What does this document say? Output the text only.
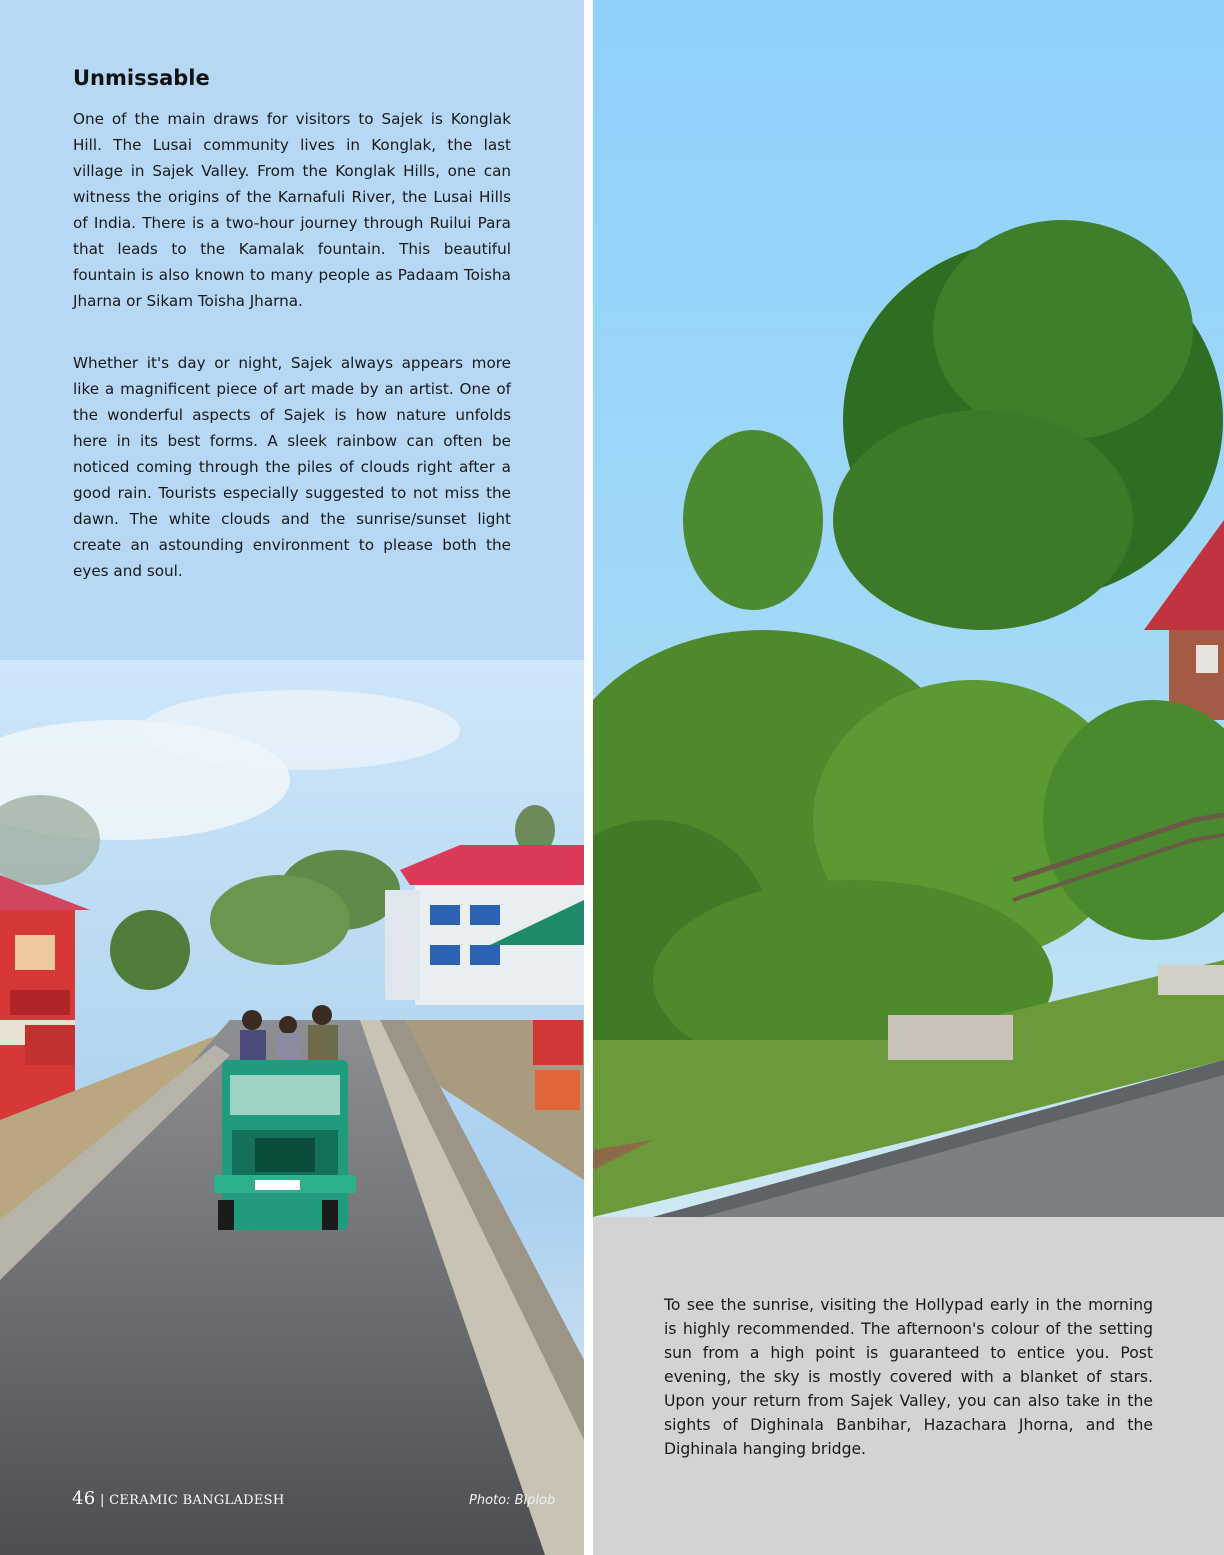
Unmissable

One of the main draws for visitors to Sajek is Konglak Hill. The Lusai community lives in Konglak, the last village in Sajek Valley. From the Konglak Hills, one can witness the origins of the Karnafuli River, the Lusai Hills of India. There is a two-hour journey through Ruilui Para that leads to the Kamalak fountain. This beautiful fountain is also known to many people as Padaam Toisha Jharna or Sikam Toisha Jharna.

Whether it's day or night, Sajek always appears more like a magnificent piece of art made by an artist. One of the wonderful aspects of Sajek is how nature unfolds here in its best forms. A sleek rainbow can often be noticed coming through the piles of clouds right after a good rain. Tourists especially suggested to not miss the dawn. The white clouds and the sunrise/sunset light create an astounding environment to please both the eyes and soul.

To see the sunrise, visiting the Hollypad early in the morning is highly recommended. The afternoon's colour of the setting sun from a high point is guaranteed to entice you. Post evening, the sky is mostly covered with a blanket of stars. Upon your return from Sajek Valley, you can also take in the sights of Dighinala Banbihar, Hazachara Jhorna, and the Dighinala hanging bridge.

46 | CERAMIC BANGLADESH	Photo: Biplob
